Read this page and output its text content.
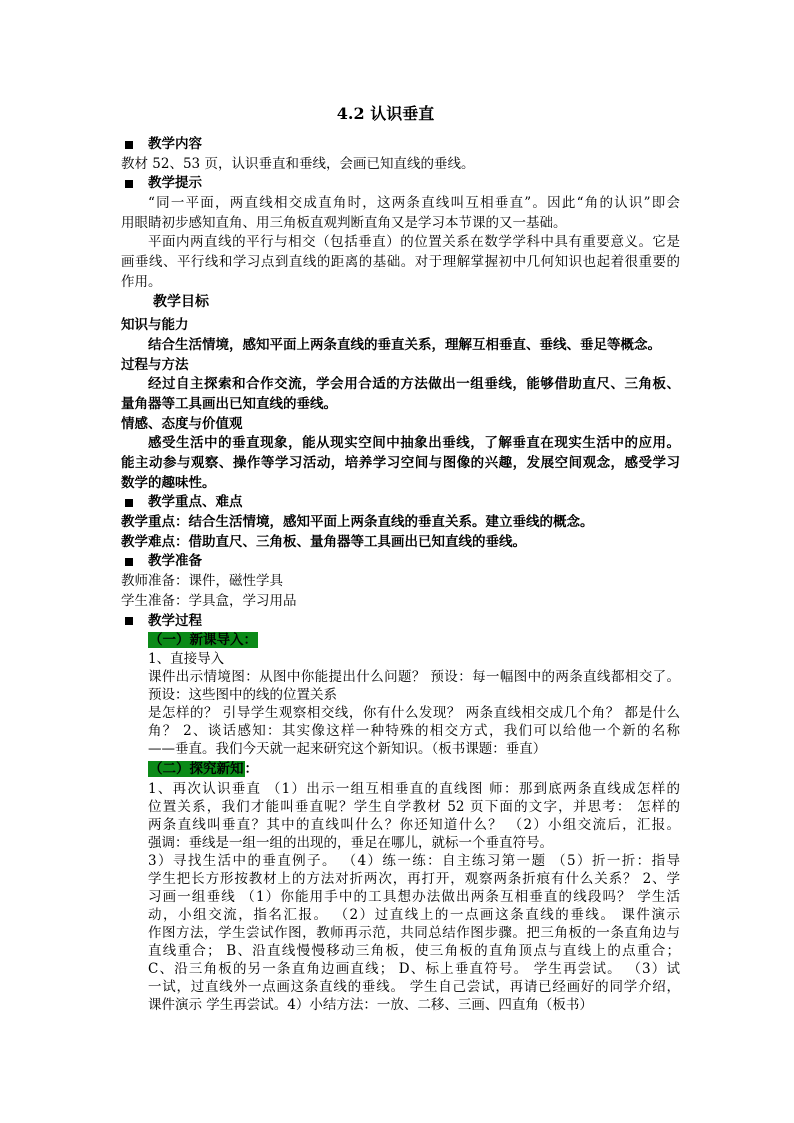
4.2 认识垂直
教学内容
教材 52、53 页，认识垂直和垂线，会画已知直线的垂线。
教学提示
“同一平面，两直线相交成直角时，这两条直线叫互相垂直”。因此“角的认识”即会
用眼睛初步感知直角、用三角板直观判断直角又是学习本节课的又一基础。
平面内两直线的平行与相交（包括垂直）的位置关系在数学学科中具有重要意义。它是
画垂线、平行线和学习点到直线的距离的基础。对于理解掌握初中几何知识也起着很重要的
作用。
教学目标
知识与能力
结合生活情境，感知平面上两条直线的垂直关系，理解互相垂直、垂线、垂足等概念。
过程与方法
经过自主探索和合作交流，学会用合适的方法做出一组垂线，能够借助直尺、三角板、
量角器等工具画出已知直线的垂线。
情感、态度与价值观
感受生活中的垂直现象，能从现实空间中抽象出垂线，了解垂直在现实生活中的应用。
能主动参与观察、操作等学习活动，培养学习空间与图像的兴趣，发展空间观念，感受学习
数学的趣味性。
教学重点、难点
教学重点：结合生活情境，感知平面上两条直线的垂直关系。建立垂线的概念。
教学难点：借助直尺、三角板、量角器等工具画出已知直线的垂线。
教学准备
教师准备：课件，磁性学具
学生准备：学具盒，学习用品
教学过程
（一）新课导入：
1、直接导入
课件出示情境图：从图中你能提出什么问题？ 预设：每一幅图中的两条直线都相交了。
预设：这些图中的线的位置关系
是怎样的？ 引导学生观察相交线，你有什么发现？ 两条直线相交成几个角？ 都是什么
角？ 2、谈话感知：其实像这样一种特殊的相交方式，我们可以给他一个新的名称
——垂直。我们今天就一起来研究这个新知识。（板书课题：垂直）
（二）探究新知：
1、再次认识垂直 （1）出示一组互相垂直的直线图 师：那到底两条直线成怎样的
位置关系，我们才能叫垂直呢？学生自学教材 52 页下面的文字，并思考： 怎样的
两条直线叫垂直？其中的直线叫什么？你还知道什么？ （2）小组交流后，汇报。
强调：垂线是一组一组的出现的，垂足在哪儿，就标一个垂直符号。
3）寻找生活中的垂直例子。 （4）练一练：自主练习第一题 （5）折一折：指导
学生把长方形按教材上的方法对折两次，再打开，观察两条折痕有什么关系？ 2、学
习画一组垂线 （1）你能用手中的工具想办法做出两条互相垂直的线段吗？ 学生活
动，小组交流，指名汇报。 （2）过直线上的一点画这条直线的垂线。 课件演示
作图方法，学生尝试作图，教师再示范，共同总结作图步骤。把三角板的一条直角边与
直线重合； B、沿直线慢慢移动三角板，使三角板的直角顶点与直线上的点重合；
C、沿三角板的另一条直角边画直线； D、标上垂直符号。 学生再尝试。 （3）试
一试，过直线外一点画这条直线的垂线。 学生自己尝试，再请已经画好的同学介绍，
课件演示 学生再尝试。4）小结方法：一放、二移、三画、四直角（板书）
